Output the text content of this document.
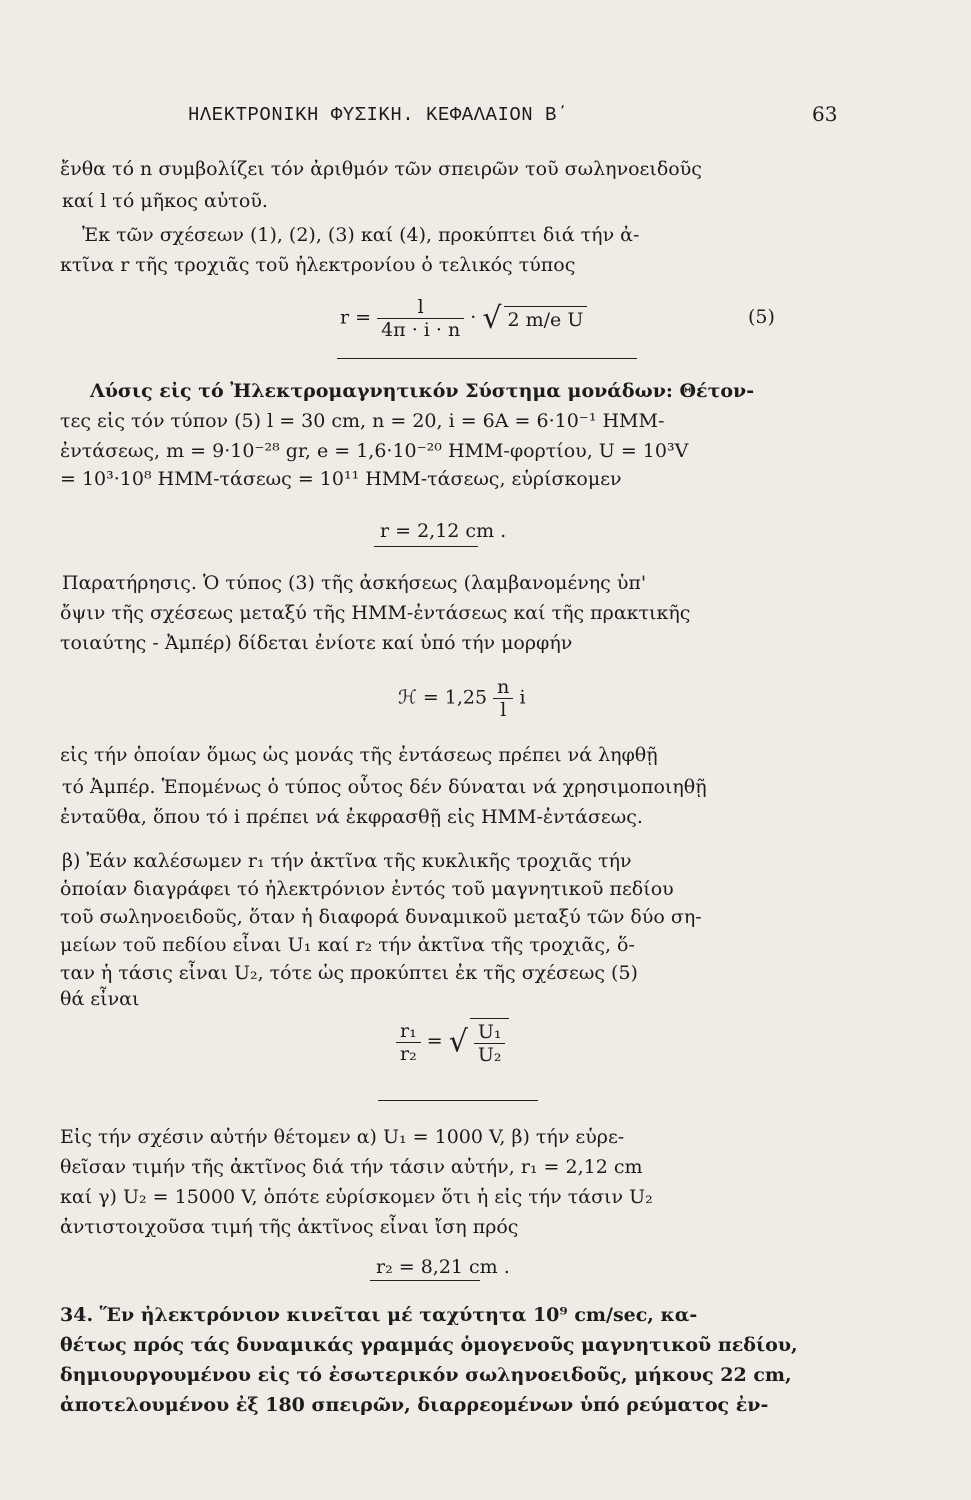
ΗΛΕΚΤΡΟΝΙΚΗ ΦΥΣΙΚΗ. ΚΕΦΑΛΑΙΟΝ Β΄	63
ἔνθα τό n συμβολίζει τόν ἀριθμόν τῶν σπειρῶν τοῦ σωληνοειδοῦς
καί l τό μῆκος αὐτοῦ.
Ἐκ τῶν σχέσεων (1), (2), (3) καί (4), προκύπτει διά τήν ἀ-
κτῖνα r τῆς τροχιᾶς τοῦ ἠλεκτρονίου ὁ τελικός τύπος
$r = \frac{l}{4\pi \cdot i \cdot n}$ · √ 2 m/e U	(5)
Λύσις εἰς τό Ἠλεκτρομαγνητικόν Σύστημα μονάδων: Θέτον-
τες εἰς τόν τύπον (5) l = 30 cm, n = 20, i = 6A = 6·10⁻¹ ΗΜΜ-
ἐντάσεως, m = 9·10⁻²⁸ gr, e = 1,6·10⁻²⁰ ΗΜΜ-φορτίου, U = 10³V
= 10³·10⁸ ΗΜΜ-τάσεως = 10¹¹ ΗΜΜ-τάσεως, εὑρίσκομεν
r = 2,12 cm .
Παρατήρησις. Ὁ τύπος (3) τῆς ἀσκήσεως (λαμβανομένης ὑπ'
ὄψιν τῆς σχέσεως μεταξύ τῆς ΗΜΜ-ἐντάσεως καί τῆς πρακτικῆς
τοιαύτης - Ἀμπέρ) δίδεται ἐνίοτε καί ὑπό τήν μορφήν
ℋ = $1,25 \frac{n}{l}$ i
εἰς τήν ὁποίαν ὅμως ὡς μονάς τῆς ἐντάσεως πρέπει νά ληφθῇ
τό Ἀμπέρ. Ἑπομένως ὁ τύπος οὗτος δέν δύναται νά χρησιμοποιηθῇ
ἐνταῦθα, ὅπου τό i πρέπει νά ἐκφρασθῇ εἰς ΗΜΜ-ἐντάσεως.
β) Ἐάν καλέσωμεν r₁ τήν ἀκτῖνα τῆς κυκλικῆς τροχιᾶς τήν
ὁποίαν διαγράφει τό ἠλεκτρόνιον ἐντός τοῦ μαγνητικοῦ πεδίου
τοῦ σωληνοειδοῦς, ὅταν ἡ διαφορά δυναμικοῦ μεταξύ τῶν δύο ση-
μείων τοῦ πεδίου εἶναι U₁ καί r₂ τήν ἀκτῖνα τῆς τροχιᾶς, ὅ-
ταν ἡ τάσις εἶναι U₂, τότε ὡς προκύπτει ἐκ τῆς σχέσεως (5)
θά εἶναι
$\frac{\text{r₁}}{\text{r₂}}$ = √ $\frac{\text{U₁}}{\text{U₂}}$
Εἰς τήν σχέσιν αὐτήν θέτομεν α) U₁ = 1000 V, β) τήν εὑρε-
θεῖσαν τιμήν τῆς ἀκτῖνος διά τήν τάσιν αὐτήν, r₁ = 2,12 cm
καί γ) U₂ = 15000 V, ὁπότε εὑρίσκομεν ὅτι ἡ εἰς τήν τάσιν U₂
ἀντιστοιχοῦσα τιμή τῆς ἀκτῖνος εἶναι ἴση πρός
r₂ = 8,21 cm .
34. Ἕν ἠλεκτρόνιον κινεῖται μέ ταχύτητα 10⁹ cm/sec, κα-
θέτως πρός τάς δυναμικάς γραμμάς ὁμογενοῦς μαγνητικοῦ πεδίου,
δημιουργουμένου εἰς τό ἐσωτερικόν σωληνοειδοῦς, μήκους 22 cm,
ἀποτελουμένου ἐξ 180 σπειρῶν, διαρρεομένων ὑπό ρεύματος ἐν-
